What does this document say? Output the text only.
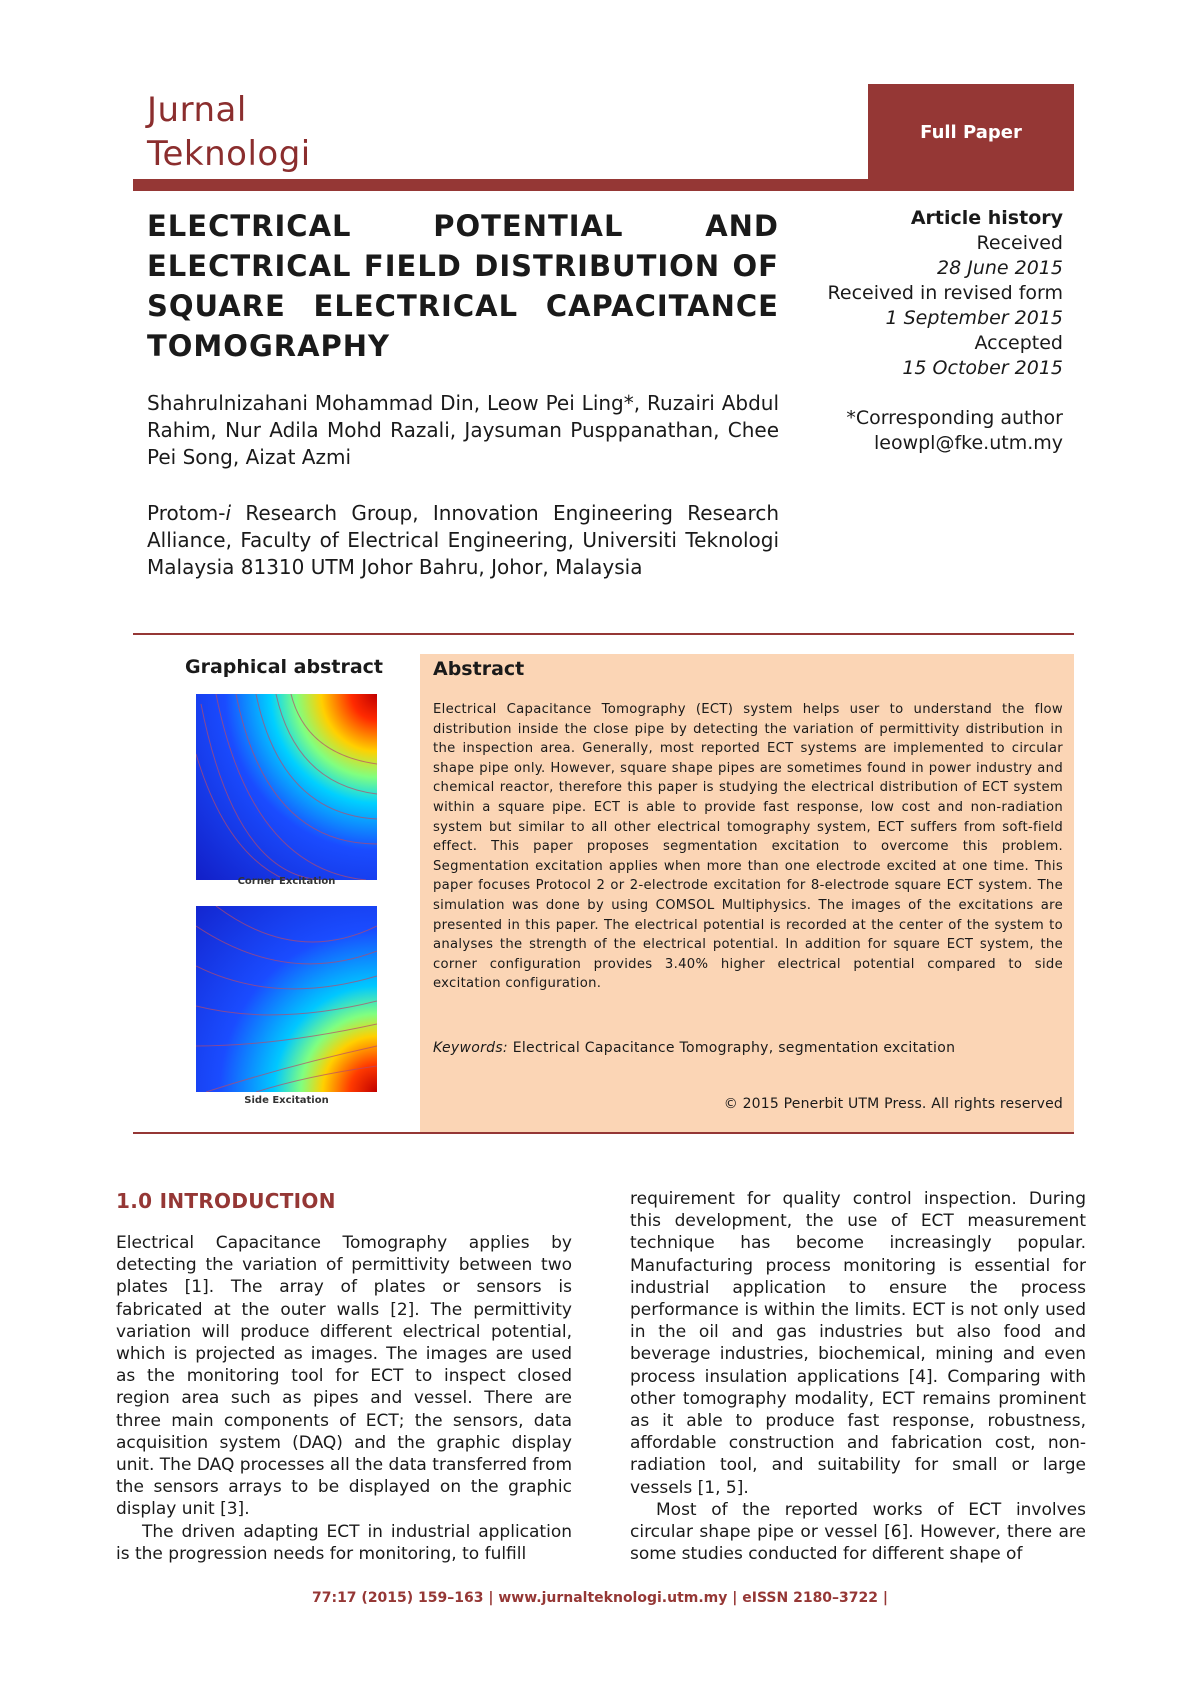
Jurnal
Teknologi
Full Paper
ELECTRICAL POTENTIAL AND ELECTRICAL FIELD DISTRIBUTION OF SQUARE ELECTRICAL CAPACITANCE TOMOGRAPHY
Article history
Received
28 June 2015
Received in revised form
1 September 2015
Accepted
15 October 2015
*Corresponding author
leowpl@fke.utm.my
Shahrulnizahani Mohammad Din, Leow Pei Ling*, Ruzairi Abdul Rahim, Nur Adila Mohd Razali, Jaysuman Pusppanathan, Chee Pei Song, Aizat Azmi
Protom-i Research Group, Innovation Engineering Research Alliance, Faculty of Electrical Engineering, Universiti Teknologi Malaysia 81310 UTM Johor Bahru, Johor, Malaysia
Graphical abstract
Corner Excitation
Side Excitation
Abstract
Electrical Capacitance Tomography (ECT) system helps user to understand the flow distribution inside the close pipe by detecting the variation of permittivity distribution in the inspection area. Generally, most reported ECT systems are implemented to circular shape pipe only. However, square shape pipes are sometimes found in power industry and chemical reactor, therefore this paper is studying the electrical distribution of ECT system within a square pipe. ECT is able to provide fast response, low cost and non-radiation system but similar to all other electrical tomography system, ECT suffers from soft-field effect. This paper proposes segmentation excitation to overcome this problem. Segmentation excitation applies when more than one electrode excited at one time. This paper focuses Protocol 2 or 2-electrode excitation for 8-electrode square ECT system. The simulation was done by using COMSOL Multiphysics. The images of the excitations are presented in this paper. The electrical potential is recorded at the center of the system to analyses the strength of the electrical potential. In addition for square ECT system, the corner configuration provides 3.40% higher electrical potential compared to side excitation configuration.
Keywords: Electrical Capacitance Tomography, segmentation excitation
© 2015 Penerbit UTM Press. All rights reserved
1.0 INTRODUCTION

Electrical Capacitance Tomography applies by detecting the variation of permittivity between two plates [1]. The array of plates or sensors is fabricated at the outer walls [2]. The permittivity variation will produce different electrical potential, which is projected as images. The images are used as the monitoring tool for ECT to inspect closed region area such as pipes and vessel. There are three main components of ECT; the sensors, data acquisition system (DAQ) and the graphic display unit. The DAQ processes all the data transferred from the sensors arrays to be displayed on the graphic display unit [3].

The driven adapting ECT in industrial application is the progression needs for monitoring, to fulfill

requirement for quality control inspection. During this development, the use of ECT measurement technique has become increasingly popular. Manufacturing process monitoring is essential for industrial application to ensure the process performance is within the limits. ECT is not only used in the oil and gas industries but also food and beverage industries, biochemical, mining and even process insulation applications [4]. Comparing with other tomography modality, ECT remains prominent as it able to produce fast response, robustness, affordable construction and fabrication cost, non-radiation tool, and suitability for small or large vessels [1, 5].

Most of the reported works of ECT involves circular shape pipe or vessel [6]. However, there are some studies conducted for different shape of

77:17 (2015) 159–163 | www.jurnalteknologi.utm.my | eISSN 2180–3722 |
